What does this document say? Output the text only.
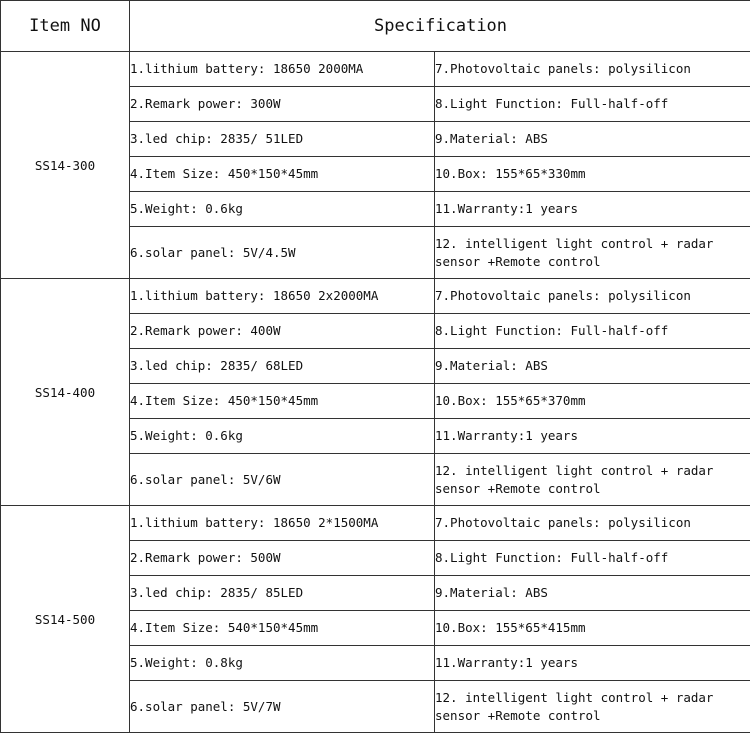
Item NO	Specification	
SS14-300	1.lithium battery: 18650 2000MA	7.Photovoltaic panels: polysilicon
	2.Remark power: 300W	8.Light Function: Full-half-off
	3.led chip: 2835/ 51LED	9.Material: ABS
	4.Item Size: 450*150*45mm	10.Box: 155*65*330mm
	5.Weight: 0.6kg	11.Warranty:1 years
	6.solar panel: 5V/4.5W	12. intelligent light control + radar sensor +Remote control
SS14-400	1.lithium battery: 18650 2x2000MA	7.Photovoltaic panels: polysilicon
	2.Remark power: 400W	8.Light Function: Full-half-off
	3.led chip: 2835/ 68LED	9.Material: ABS
	4.Item Size: 450*150*45mm	10.Box: 155*65*370mm
	5.Weight: 0.6kg	11.Warranty:1 years
	6.solar panel: 5V/6W	12. intelligent light control + radar sensor +Remote control
SS14-500	1.lithium battery: 18650 2*1500MA	7.Photovoltaic panels: polysilicon
	2.Remark power: 500W	8.Light Function: Full-half-off
	3.led chip: 2835/ 85LED	9.Material: ABS
	4.Item Size: 540*150*45mm	10.Box: 155*65*415mm
	5.Weight: 0.8kg	11.Warranty:1 years
	6.solar panel: 5V/7W	12. intelligent light control + radar sensor +Remote control
